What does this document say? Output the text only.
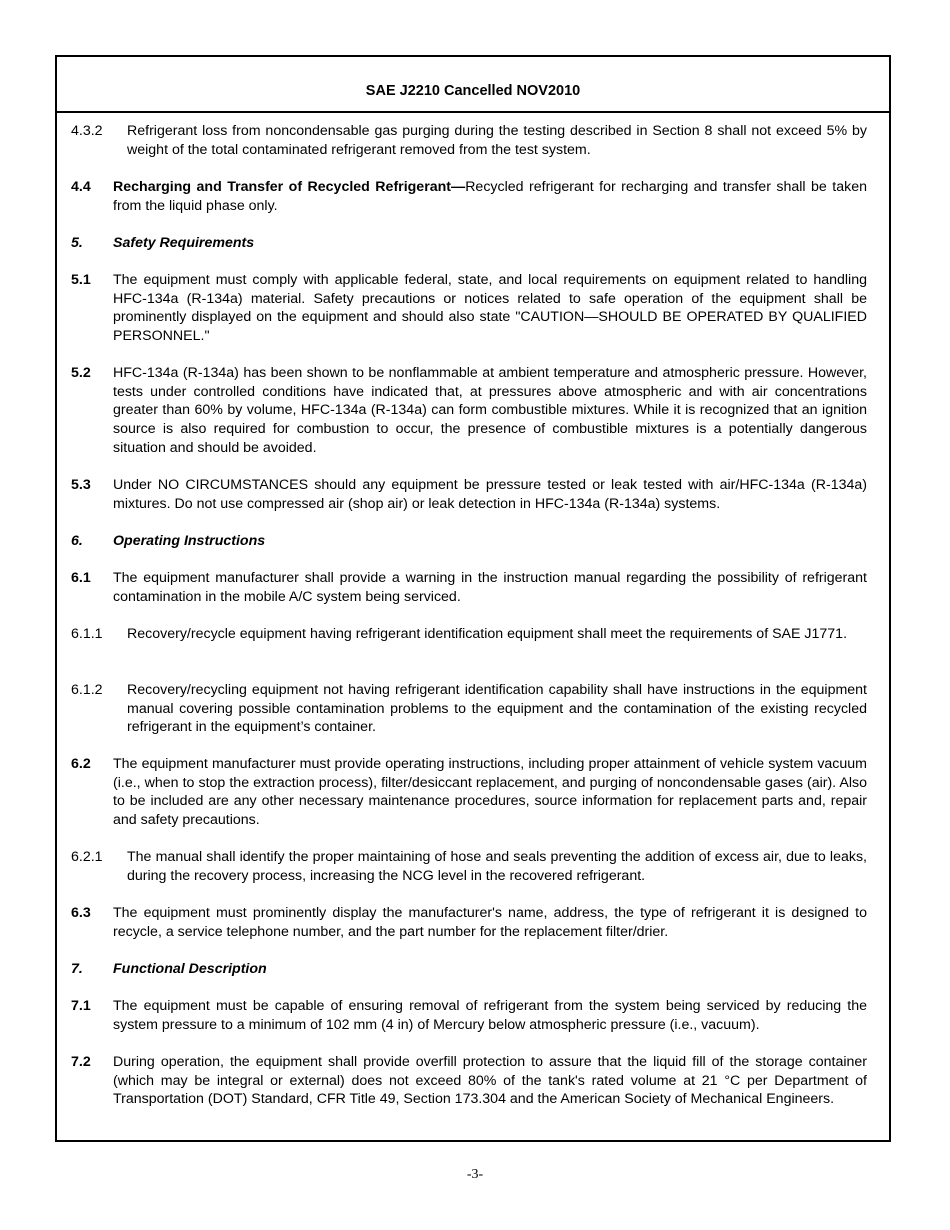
SAE J2210 Cancelled NOV2010
4.3.2 Refrigerant loss from noncondensable gas purging during the testing described in Section 8 shall not exceed 5% by weight of the total contaminated refrigerant removed from the test system.
4.4 Recharging and Transfer of Recycled Refrigerant—Recycled refrigerant for recharging and transfer shall be taken from the liquid phase only.
5. Safety Requirements
5.1 The equipment must comply with applicable federal, state, and local requirements on equipment related to handling HFC-134a (R-134a) material. Safety precautions or notices related to safe operation of the equipment shall be prominently displayed on the equipment and should also state "CAUTION—SHOULD BE OPERATED BY QUALIFIED PERSONNEL."
5.2 HFC-134a (R-134a) has been shown to be nonflammable at ambient temperature and atmospheric pressure. However, tests under controlled conditions have indicated that, at pressures above atmospheric and with air concentrations greater than 60% by volume, HFC-134a (R-134a) can form combustible mixtures. While it is recognized that an ignition source is also required for combustion to occur, the presence of combustible mixtures is a potentially dangerous situation and should be avoided.
5.3 Under NO CIRCUMSTANCES should any equipment be pressure tested or leak tested with air/HFC-134a (R-134a) mixtures. Do not use compressed air (shop air) or leak detection in HFC-134a (R-134a) systems.
6. Operating Instructions
6.1 The equipment manufacturer shall provide a warning in the instruction manual regarding the possibility of refrigerant contamination in the mobile A/C system being serviced.
6.1.1 Recovery/recycle equipment having refrigerant identification equipment shall meet the requirements of SAE J1771.
6.1.2 Recovery/recycling equipment not having refrigerant identification capability shall have instructions in the equipment manual covering possible contamination problems to the equipment and the contamination of the existing recycled refrigerant in the equipment’s container.
6.2 The equipment manufacturer must provide operating instructions, including proper attainment of vehicle system vacuum (i.e., when to stop the extraction process), filter/desiccant replacement, and purging of noncondensable gases (air). Also to be included are any other necessary maintenance procedures, source information for replacement parts and, repair and safety precautions.
6.2.1 The manual shall identify the proper maintaining of hose and seals preventing the addition of excess air, due to leaks, during the recovery process, increasing the NCG level in the recovered refrigerant.
6.3 The equipment must prominently display the manufacturer's name, address, the type of refrigerant it is designed to recycle, a service telephone number, and the part number for the replacement filter/drier.
7. Functional Description
7.1 The equipment must be capable of ensuring removal of refrigerant from the system being serviced by reducing the system pressure to a minimum of 102 mm (4 in) of Mercury below atmospheric pressure (i.e., vacuum).
7.2 During operation, the equipment shall provide overfill protection to assure that the liquid fill of the storage container (which may be integral or external) does not exceed 80% of the tank's rated volume at 21 °C per Department of Transportation (DOT) Standard, CFR Title 49, Section 173.304 and the American Society of Mechanical Engineers.
-3-
